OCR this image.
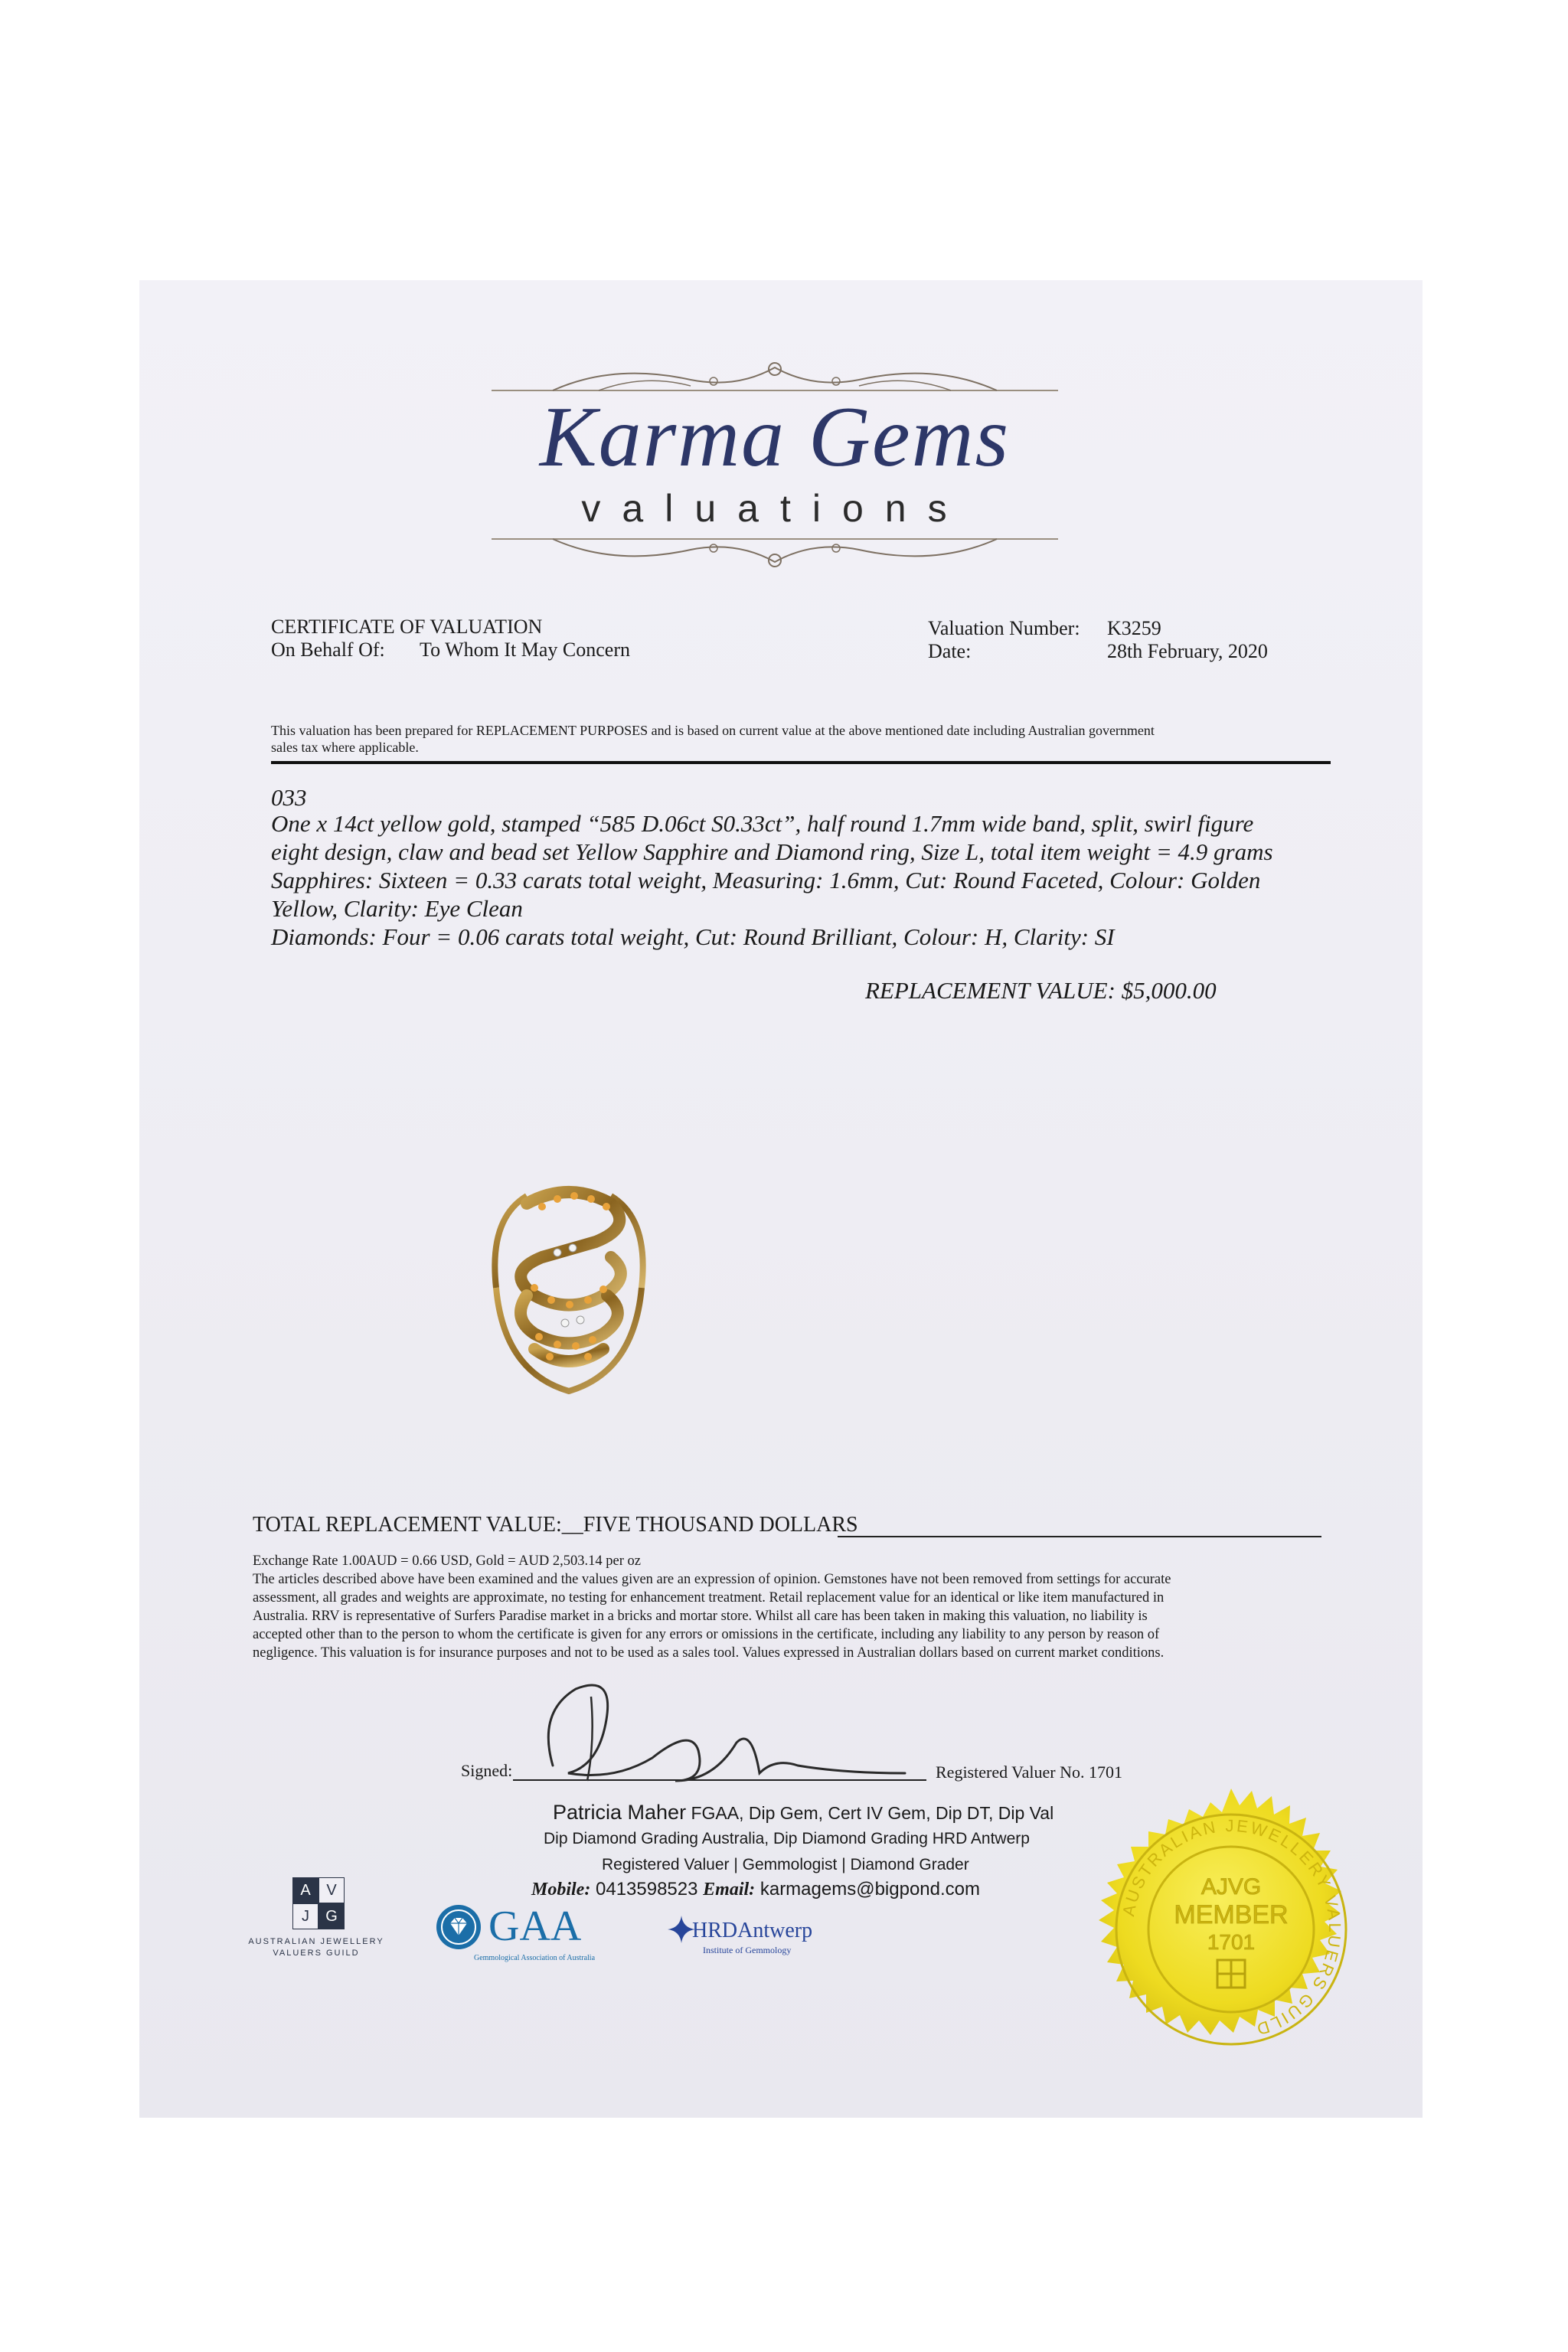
Karma Gems
valuations
CERTIFICATE OF VALUATION
On Behalf Of: To Whom It May Concern
Valuation Number: K3259
Date:	28th February, 2020
This valuation has been prepared for REPLACEMENT PURPOSES and is based on current value at the above mentioned date including Australian government
sales tax where applicable.
033
One x 14ct yellow gold, stamped “585 D.06ct S0.33ct”, half round 1.7mm wide band, split, swirl figure
eight design, claw and bead set Yellow Sapphire and Diamond ring, Size L, total item weight = 4.9 grams
Sapphires: Sixteen = 0.33 carats total weight, Measuring: 1.6mm, Cut: Round Faceted, Colour: Golden
Yellow, Clarity: Eye Clean
Diamonds: Four = 0.06 carats total weight, Cut: Round Brilliant, Colour: H, Clarity: SI
REPLACEMENT VALUE: $5,000.00
TOTAL REPLACEMENT VALUE:__FIVE THOUSAND DOLLARS
Exchange Rate 1.00AUD = 0.66 USD, Gold = AUD 2,503.14 per oz
The articles described above have been examined and the values given are an expression of opinion. Gemstones have not been removed from settings for accurate
assessment, all grades and weights are approximate, no testing for enhancement treatment. Retail replacement value for an identical or like item manufactured in
Australia. RRV is representative of Surfers Paradise market in a bricks and mortar store. Whilst all care has been taken in making this valuation, no liability is
accepted other than to the person to whom the certificate is given for any errors or omissions in the certificate, including any liability to any person by reason of
negligence. This valuation is for insurance purposes and not to be used as a sales tool. Values expressed in Australian dollars based on current market conditions.
Signed:	Registered Valuer No. 1701
Patricia Maher FGAA, Dip Gem, Cert IV Gem, Dip DT, Dip Val
Dip Diamond Grading Australia, Dip Diamond Grading HRD Antwerp
Registered Valuer | Gemmologist | Diamond Grader
Mobile: 0413598523 Email: karmagems@bigpond.com
A	V
J	G
AUSTRALIAN JEWELLERY
VALUERS GUILD
GAA
Gemmological Association of Australia
HRDAntwerp
Institute of Gemmology
AUSTRALIAN JEWELLERY VALUERS GUILD
AJVG
MEMBER
1701
